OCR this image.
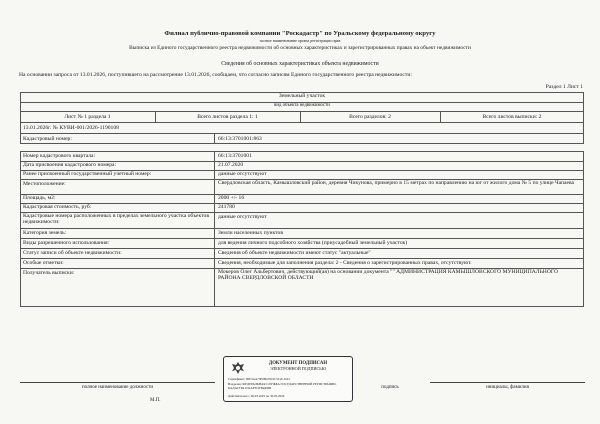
Филиал публично-правовой компании "Роскадастр" по Уральскому федеральному округу
полное наименование органа регистрации прав
Выписка из Единого государственного реестра недвижимости об основных характеристиках и зарегистрированных правах на объект недвижимости
Сведения об основных характеристиках объекта недвижимости
На основании запроса от 13.01.2026, поступившего на рассмотрение 13.01.2026, сообщаем, что согласно записям Единого государственного реестра недвижимости:
Раздел 1 Лист 1
Земельный участок
вид объекта недвижимости
Лист № 1 раздела 1	Всего листов раздела 1: 1	Всего разделов: 2	Всего листов выписки: 2
13.01.2026г. № КУВИ-001/2026-1190108
Кадастровый номер:	66:13:3701001:863
Номер кадастрового квартала:	66:13:3701001
Дата присвоения кадастрового номера:	21.07.2020
Ранее присвоенный государственный учетный номер:	данные отсутствуют
Местоположение:	Свердловская область, Камышловский район, деревня Чикунова, примерно в 15 метрах по направлению на юг от жилого дома № 5 по улице Чапаева
Площадь, м2:	2000 +/- 16
Кадастровая стоимость, руб:	241780
Кадастровые номера расположенных в пределах земельного участка объектов недвижимости:
данные отсутствуют
Категория земель:	Земли населенных пунктов
Виды разрешенного использования:	для ведения личного подсобного хозяйства (приусадебный земельный участок)
Статус записи об объекте недвижимости:	Сведения об объекте недвижимости имеют статус "актуальные"
Особые отметки:	Сведения, необходимые для заполнения раздела: 2 - Сведения о зарегистрированных правах, отсутствуют.
Получатель выписки:	Мокеров Олег Альбертович, действующий(ая) на основании документа "" АДМИНИСТРАЦИЯ КАМЫШЛОВСКОГО МУНИЦИПАЛЬНОГО РАЙОНА СВЕРДЛОВСКОЙ ОБЛАСТИ
полное наименование должности	инициалы, фамилия
подпись
М.П.
ДОКУМЕНТ ПОДПИСАН
ЭЛЕКТРОННОЙ ПОДПИСЬЮ
Сертификат: 00E3AA73E0B67910C5C2C16C1
Владелец: ФЕДЕРАЛЬНАЯ СЛУЖБА ГОСУДАРСТВЕННОЙ РЕГИСТРАЦИИ, КАДАСТРА И КАРТОГРАФИИ
Действителен: с 06.03.2025 по 30.05.2026
